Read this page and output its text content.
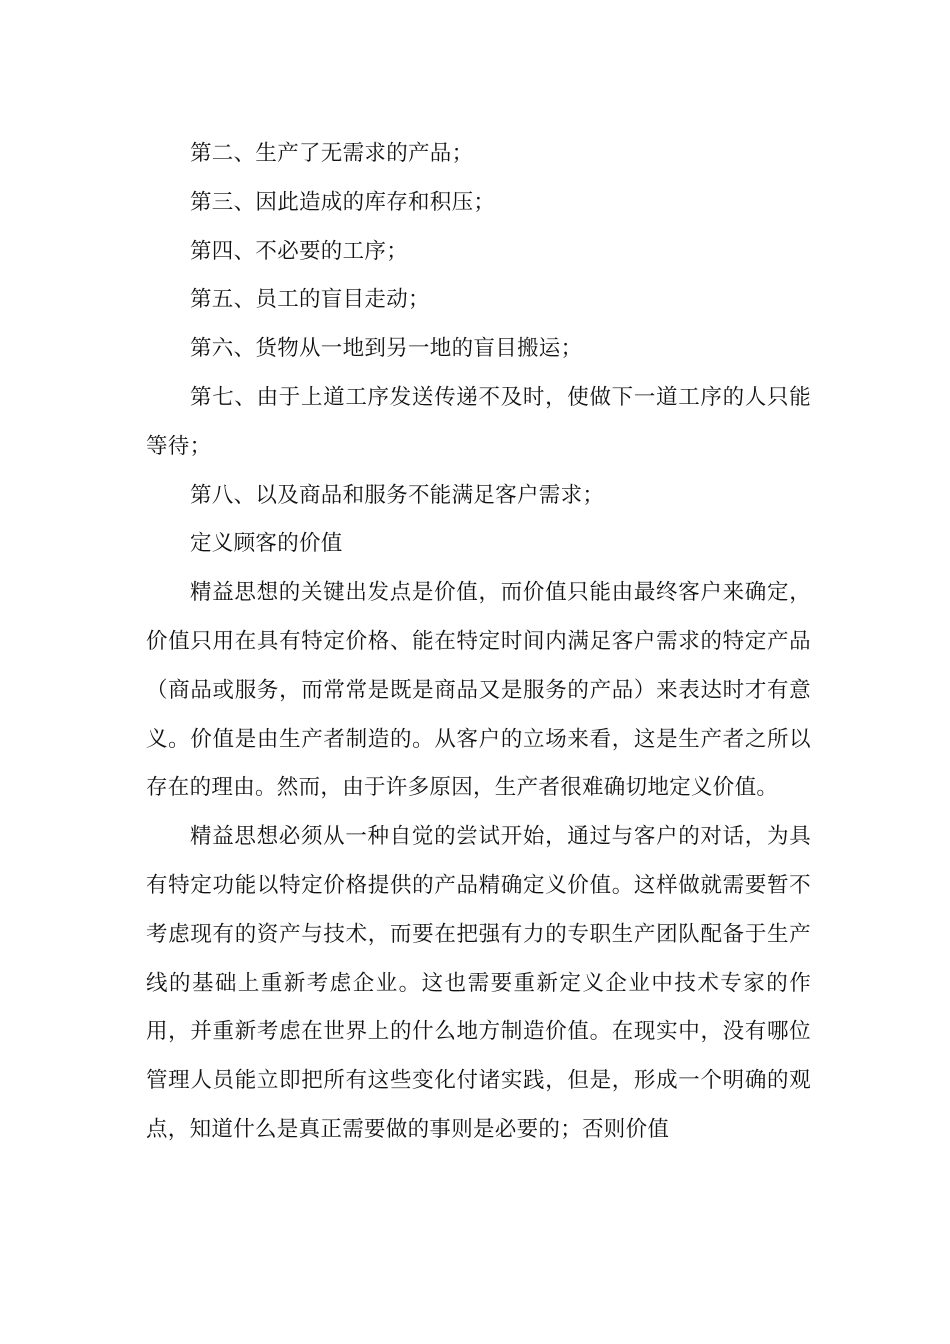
第二、生产了无需求的产品；

第三、因此造成的库存和积压；

第四、不必要的工序；

第五、员工的盲目走动；

第六、货物从一地到另一地的盲目搬运；

第七、由于上道工序发送传递不及时，使做下一道工序的人只能等待；

第八、以及商品和服务不能满足客户需求；

定义顾客的价值

精益思想的关键出发点是价值，而价值只能由最终客户来确定，价值只用在具有特定价格、能在特定时间内满足客户需求的特定产品（商品或服务，而常常是既是商品又是服务的产品）来表达时才有意义。价值是由生产者制造的。从客户的立场来看，这是生产者之所以存在的理由。然而，由于许多原因，生产者很难确切地定义价值。

精益思想必须从一种自觉的尝试开始，通过与客户的对话，为具有特定功能以特定价格提供的产品精确定义价值。这样做就需要暂不考虑现有的资产与技术，而要在把强有力的专职生产团队配备于生产线的基础上重新考虑企业。这也需要重新定义企业中技术专家的作用，并重新考虑在世界上的什么地方制造价值。在现实中，没有哪位管理人员能立即把所有这些变化付诸实践，但是，形成一个明确的观点，知道什么是真正需要做的事则是必要的；否则价值
